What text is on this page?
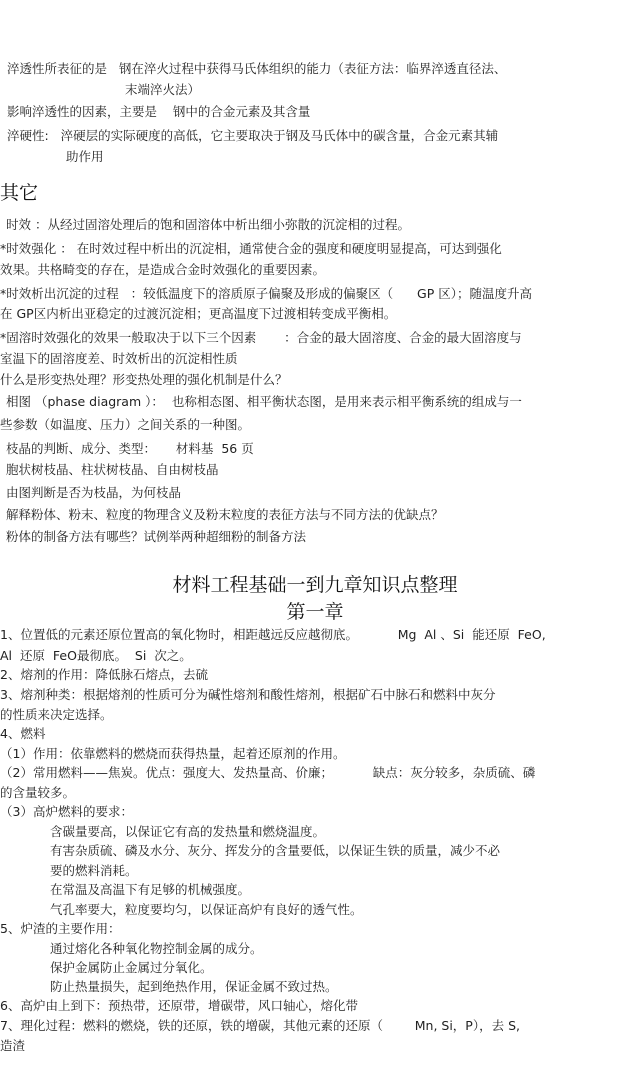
淬透性所表征的是   钢在淬火过程中获得马氏体组织的能力（表征方法：临界淬透直径法、
末端淬火法）
影响淬透性的因素，主要是    钢中的合金元素及其含量
淬硬性:   淬硬层的实际硬度的高低，它主要取决于钢及马氏体中的碳含量，合金元素其辅
助作用
其它
时效 ：从经过固溶处理后的饱和固溶体中析出细小弥散的沉淀相的过程。
*时效强化 ： 在时效过程中析出的沉淀相，通常使合金的强度和硬度明显提高，可达到强化
效果。共格畸变的存在，是造成合金时效强化的重要因素。
*时效析出沉淀的过程   ：较低温度下的溶质原子偏聚及形成的偏聚区（      GP 区）；随温度升高
在 GP区内析出亚稳定的过渡沉淀相；更高温度下过渡相转变成平衡相。
*固溶时效强化的效果一般取决于以下三个因素       ：合金的最大固溶度、合金的最大固溶度与
室温下的固溶度差、时效析出的沉淀相性质
什么是形变热处理？形变热处理的强化机制是什么？
相图 （phase diagram ）：  也称相态图、相平衡状态图，是用来表示相平衡系统的组成与一
些参数（如温度、压力）之间关系的一种图。
枝晶的判断、成分、类型：     材料基  56 页
胞状树枝晶、柱状树枝晶、自由树枝晶
由图判断是否为枝晶，为何枝晶
解释粉体、粉末、粒度的物理含义及粉末粒度的表征方法与不同方法的优缺点？
粉体的制备方法有哪些？试例举两种超细粉的制备方法
材料工程基础一到九章知识点整理
第一章
1、位置低的元素还原位置高的氧化物时，相距越远反应越彻底。          Mg  Al 、Si  能还原  FeO,
Al  还原  FeO最彻底。  Si  次之。
2、熔剂的作用：降低脉石熔点，去硫
3、熔剂种类：根据熔剂的性质可分为碱性熔剂和酸性熔剂，根据矿石中脉石和燃料中灰分
的性质来决定选择。
4、燃料
（1）作用：依靠燃料的燃烧而获得热量，起着还原剂的作用。
（2）常用燃料——焦炭。优点：强度大、发热量高、价廉；          缺点：灰分较多，杂质硫、磷
的含量较多。
（3）高炉燃料的要求：
含碳量要高，以保证它有高的发热量和燃烧温度。
有害杂质硫、磷及水分、灰分、挥发分的含量要低，以保证生铁的质量，减少不必
要的燃料消耗。
在常温及高温下有足够的机械强度。
气孔率要大，粒度要均匀，以保证高炉有良好的透气性。
5、炉渣的主要作用：
通过熔化各种氧化物控制金属的成分。
保护金属防止金属过分氧化。
防止热量损失，起到绝热作用，保证金属不致过热。
6、高炉由上到下：预热带，还原带，增碳带，风口轴心，熔化带
7、理化过程：燃料的燃烧，铁的还原，铁的增碳，其他元素的还原（        Mn, Si，P），去 S,
造渣
